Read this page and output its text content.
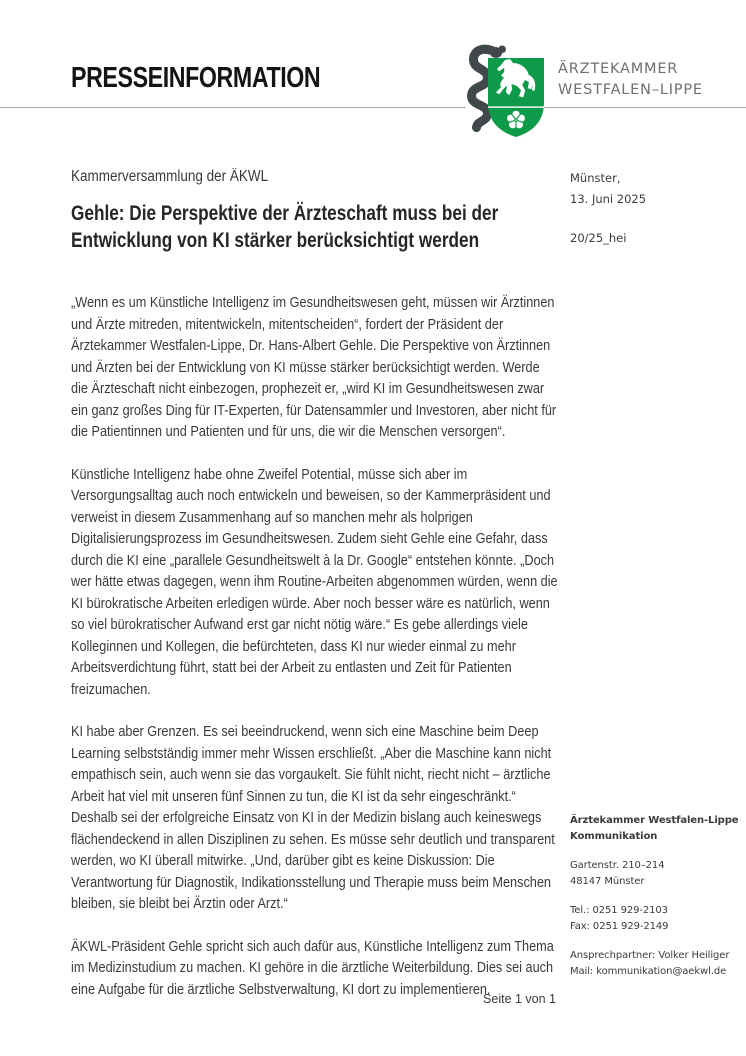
PRESSEINFORMATION	ÄRZTEKAMMER
WESTFALEN–LIPPE
Kammerversammlung der ÄKWL	Münster,
13. Juni 2025
20/25_hei
Gehle: Die Perspektive der Ärzteschaft muss bei der Entwicklung von KI stärker berücksichtigt werden

„Wenn es um Künstliche Intelligenz im Gesundheitswesen geht, müssen wir Ärztinnen und Ärzte mitreden, mitentwickeln, mitentscheiden“, fordert der Präsident der Ärztekammer Westfalen-Lippe, Dr. Hans-Albert Gehle. Die Perspektive von Ärztinnen und Ärzten bei der Entwicklung von KI müsse stärker berücksichtigt werden. Werde die Ärzteschaft nicht einbezogen, prophezeit er, „wird KI im Gesundheitswesen zwar ein ganz großes Ding für IT-Experten, für Datensammler und Investoren, aber nicht für die Patientinnen und Patienten und für uns, die wir die Menschen versorgen“.

Künstliche Intelligenz habe ohne Zweifel Potential, müsse sich aber im Versorgungsalltag auch noch entwickeln und beweisen, so der Kammerpräsident und verweist in diesem Zusammenhang auf so manchen mehr als holprigen Digitalisierungsprozess im Gesundheitswesen. Zudem sieht Gehle eine Gefahr, dass durch die KI eine „parallele Gesundheitswelt à la Dr. Google“ entstehen könnte. „Doch wer hätte etwas dagegen, wenn ihm Routine-Arbeiten abgenommen würden, wenn die KI bürokratische Arbeiten erledigen würde. Aber noch besser wäre es natürlich, wenn so viel bürokratischer Aufwand erst gar nicht nötig wäre.“ Es gebe allerdings viele Kolleginnen und Kollegen, die befürchteten, dass KI nur wieder einmal zu mehr Arbeitsverdichtung führt, statt bei der Arbeit zu entlasten und Zeit für Patienten freizumachen.

KI habe aber Grenzen. Es sei beeindruckend, wenn sich eine Maschine beim Deep Learning selbstständig immer mehr Wissen erschließt. „Aber die Maschine kann nicht empathisch sein, auch wenn sie das vorgaukelt. Sie fühlt nicht, riecht nicht – ärztliche Arbeit hat viel mit unseren fünf Sinnen zu tun, die KI ist da sehr eingeschränkt.“ Deshalb sei der erfolgreiche Einsatz von KI in der Medizin bislang auch keineswegs flächendeckend in allen Disziplinen zu sehen. Es müsse sehr deutlich und transparent werden, wo KI überall mitwirke. „Und, darüber gibt es keine Diskussion: Die Verantwortung für Diagnostik, Indikationsstellung und Therapie muss beim Menschen bleiben, sie bleibt bei Ärztin oder Arzt.“

ÄKWL-Präsident Gehle spricht sich auch dafür aus, Künstliche Intelligenz zum Thema im Medizinstudium zu machen. KI gehöre in die ärztliche Weiterbildung. Dies sei auch eine Aufgabe für die ärztliche Selbstverwaltung, KI dort zu implementieren.

Ärztekammer Westfalen-Lippe
Kommunikation
Gartenstr. 210–214
48147 Münster
Tel.: 0251 929-2103
Fax: 0251 929-2149
Ansprechpartner: Volker Heiliger
Mail: kommunikation@aekwl.de
Seite 1 von 1
